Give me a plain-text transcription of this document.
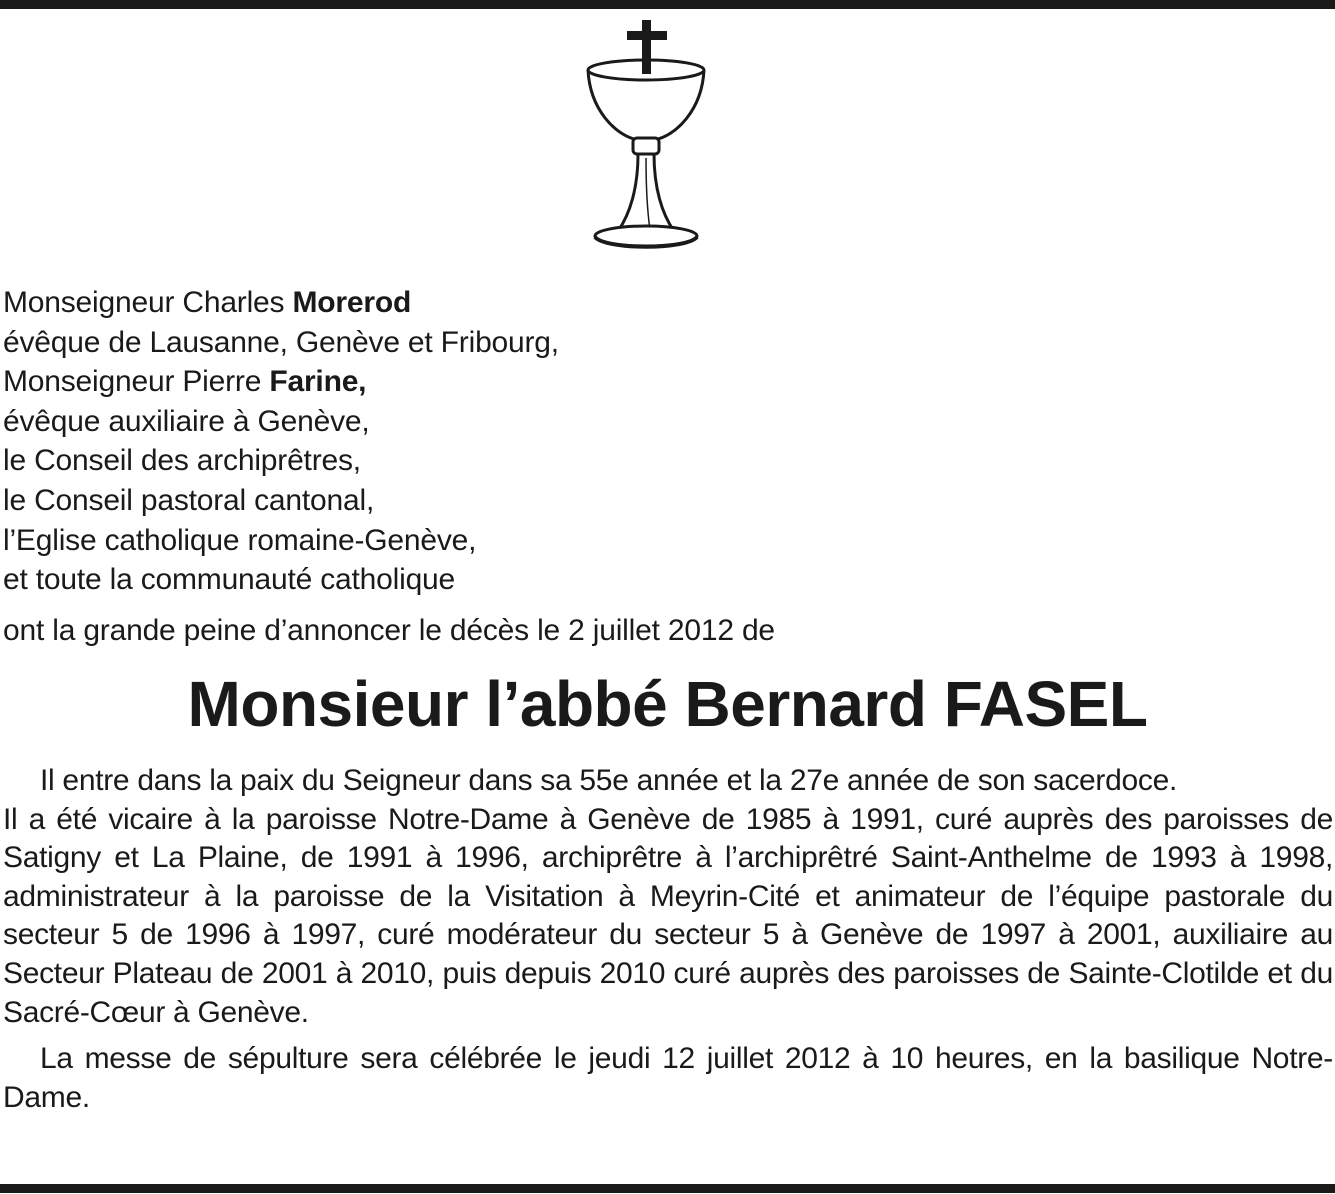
Monseigneur Charles Morerod
évêque de Lausanne, Genève et Fribourg,
Monseigneur Pierre Farine,
évêque auxiliaire à Genève,
le Conseil des archiprêtres,
le Conseil pastoral cantonal,
l’Eglise catholique romaine-Genève,
et toute la communauté catholique
ont la grande peine d’annoncer le décès le 2 juillet 2012 de
Monsieur l’abbé Bernard FASEL

Il entre dans la paix du Seigneur dans sa 55e année et la 27e année de son sacerdoce.

Il a été vicaire à la paroisse Notre-Dame à Genève de 1985 à 1991, curé auprès des paroisses de Satigny et La Plaine, de 1991 à 1996, archiprêtre à l’archiprêtré Saint-Anthelme de 1993 à 1998, administrateur à la paroisse de la Visitation à Meyrin-Cité et animateur de l’équipe pastorale du secteur 5 de 1996 à 1997, curé modérateur du secteur 5 à Genève de 1997 à 2001, auxiliaire au Secteur Plateau de 2001 à 2010, puis depuis 2010 curé auprès des paroisses de Sainte-Clotilde et du Sacré-Cœur à Genève.

La messe de sépulture sera célébrée le jeudi 12 juillet 2012 à 10 heures, en la basilique Notre-Dame.
